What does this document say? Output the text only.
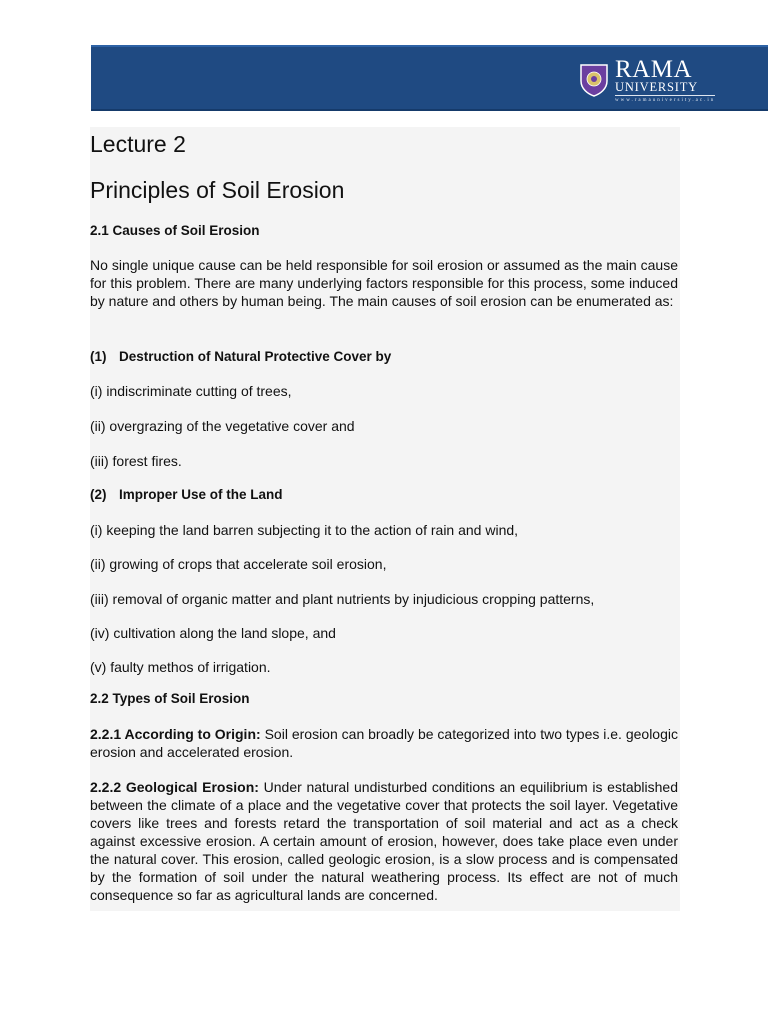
RAMA
UNIVERSITY
www.ramauniversity.ac.in

Lecture 2

Principles of Soil Erosion

2.1 Causes of Soil Erosion

No single unique cause can be held responsible for soil erosion or assumed as the main cause for this problem. There are many underlying factors responsible for this process, some induced by nature and others by human being. The main causes of soil erosion can be enumerated as:

(1) Destruction of Natural Protective Cover by

(i) indiscriminate cutting of trees,

(ii) overgrazing of the vegetative cover and

(iii) forest fires.

(2) Improper Use of the Land

(i) keeping the land barren subjecting it to the action of rain and wind,

(ii) growing of crops that accelerate soil erosion,

(iii) removal of organic matter and plant nutrients by injudicious cropping patterns,

(iv) cultivation along the land slope, and

(v) faulty methos of irrigation.

2.2 Types of Soil Erosion

2.2.1 According to Origin: Soil erosion can broadly be categorized into two types i.e. geologic erosion and accelerated erosion.

2.2.2 Geological Erosion: Under natural undisturbed conditions an equilibrium is established between the climate of a place and the vegetative cover that protects the soil layer. Vegetative covers like trees and forests retard the transportation of soil material and act as a check against excessive erosion. A certain amount of erosion, however, does take place even under the natural cover. This erosion, called geologic erosion, is a slow process and is compensated by the formation of soil under the natural weathering process. Its effect are not of much consequence so far as agricultural lands are concerned.
